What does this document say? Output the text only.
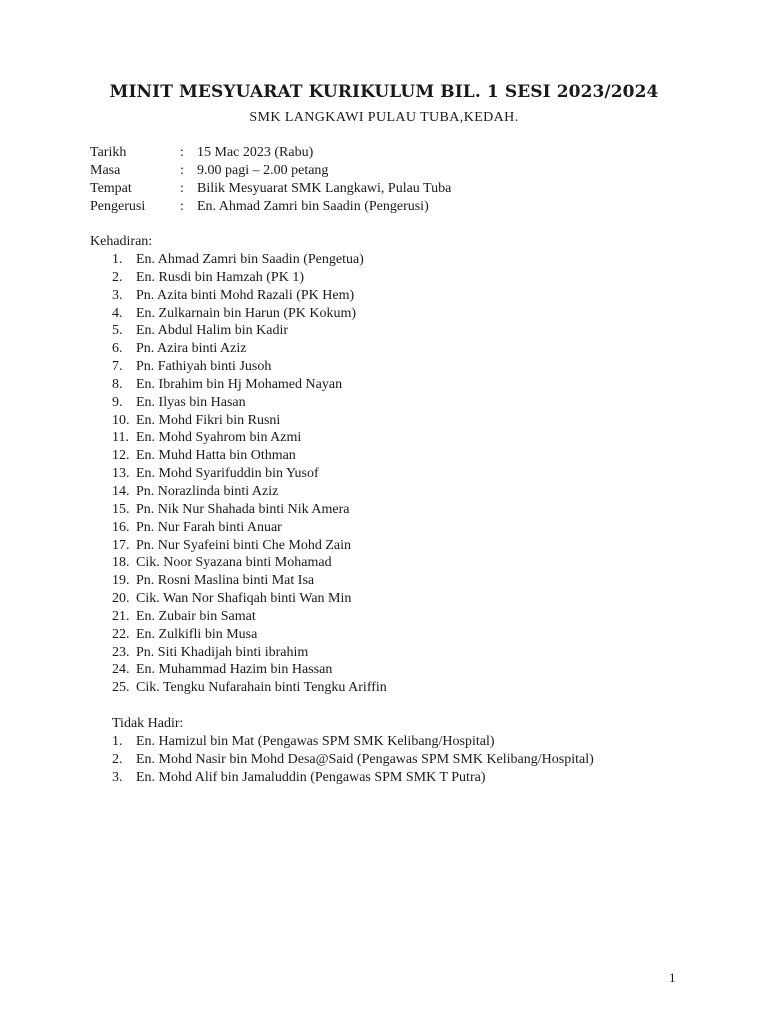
MINIT MESYUARAT KURIKULUM BIL. 1 SESI 2023/2024
SMK LANGKAWI PULAU TUBA,KEDAH.
Tarikh	: 15 Mac 2023 (Rabu)
Masa	: 9.00 pagi – 2.00 petang
Tempat	: Bilik Mesyuarat SMK Langkawi, Pulau Tuba
Pengerusi : En. Ahmad Zamri bin Saadin (Pengerusi)
Kehadiran:
1. En. Ahmad Zamri bin Saadin (Pengetua)
2. En. Rusdi bin Hamzah (PK 1)
3. Pn. Azita binti Mohd Razali (PK Hem)
4. En. Zulkarnain bin Harun (PK Kokum)
5. En. Abdul Halim bin Kadir
6. Pn. Azira binti Aziz
7. Pn. Fathiyah binti Jusoh
8. En. Ibrahim bin Hj Mohamed Nayan
9. En. Ilyas bin Hasan
10. En. Mohd Fikri bin Rusni
11. En. Mohd Syahrom bin Azmi
12. En. Muhd Hatta bin Othman
13. En. Mohd Syarifuddin bin Yusof
14. Pn. Norazlinda binti Aziz
15. Pn. Nik Nur Shahada binti Nik Amera
16. Pn. Nur Farah binti Anuar
17. Pn. Nur Syafeini binti Che Mohd Zain
18. Cik. Noor Syazana binti Mohamad
19. Pn. Rosni Maslina binti Mat Isa
20. Cik. Wan Nor Shafiqah binti Wan Min
21. En. Zubair bin Samat
22. En. Zulkifli bin Musa
23. Pn. Siti Khadijah binti ibrahim
24. En. Muhammad Hazim bin Hassan
25. Cik. Tengku Nufarahain binti Tengku Ariffin
Tidak Hadir:
1. En. Hamizul bin Mat (Pengawas SPM SMK Kelibang/Hospital)
2. En. Mohd Nasir bin Mohd Desa@Said (Pengawas SPM SMK Kelibang/Hospital)
3. En. Mohd Alif bin Jamaluddin (Pengawas SPM SMK T Putra)
1
